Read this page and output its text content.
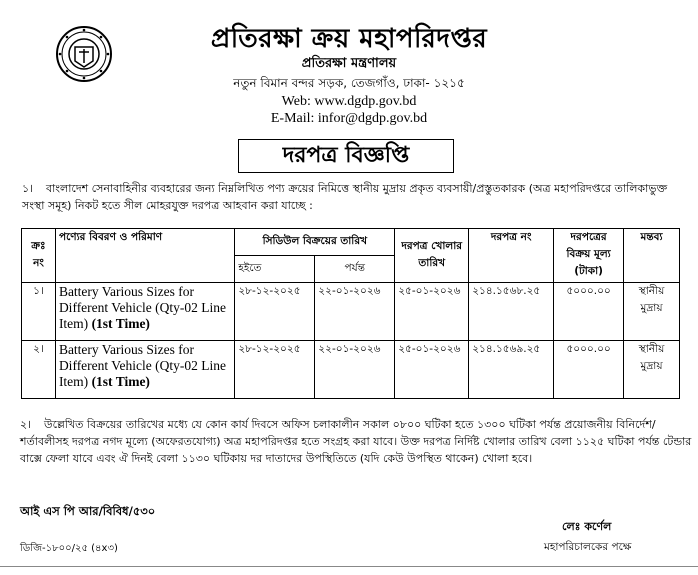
প্রতিরক্ষা ক্রয় মহাপরিদপ্তর
প্রতিরক্ষা মন্ত্রণালয়
নতুন বিমান বন্দর সড়ক, তেজগাঁও, ঢাকা- ১২১৫
Web: www.dgdp.gov.bd
E-Mail: infor@dgdp.gov.bd
দরপত্র বিজ্ঞপ্তি
১। বাংলাদেশ সেনাবাহিনীর ব্যবহারের জন্য নিম্নলিখিত পণ্য ক্রয়ের নিমিত্তে স্থানীয় মুদ্রায় প্রকৃত ব্যবসায়ী/প্রস্তুতকারক (অত্র মহাপরিদপ্তরে তালিকাভুক্ত সংস্থা সমূহ) নিকট হতে সীল মোহরযুক্ত দরপত্র আহবান করা যাচ্ছে :
ক্রঃ নং	পণ্যের বিবরণ ও পরিমাণ	সিডিউল বিক্রয়ের তারিখ		দরপত্র খোলার তারিখ	দরপত্র নং	দরপত্রের বিক্রয় মূল্য (টাকা)	মন্তব্য
		হইতে	পর্যন্ত				
১।	Battery Various Sizes for Different Vehicle (Qty-02 Line Item) (1st Time)	২৮-১২-২০২৫	২২-০১-২০২৬	২৫-০১-২০২৬	২১৪.১৫৬৮.২৫	৫০০০.০০	স্থানীয় মুদ্রায়
২।	Battery Various Sizes for Different Vehicle (Qty-02 Line Item) (1st Time)	২৮-১২-২০২৫	২২-০১-২০২৬	২৫-০১-২০২৬	২১৪.১৫৬৯.২৫	৫০০০.০০	স্থানীয় মুদ্রায়
২। উল্লেখিত বিক্রয়ের তারিখের মধ্যে যে কোন কার্য দিবসে অফিস চলাকালীন সকাল ০৮০০ ঘটিকা হতে ১৩০০ ঘটিকা পর্যন্ত প্রয়োজনীয় বিনির্দেশ/শর্তাবলীসহ দরপত্র নগদ মূল্যে (অফেরতযোগ্য) অত্র মহাপরিদপ্তর হতে সংগ্রহ করা যাবে। উক্ত দরপত্র নির্দিষ্ট খোলার তারিখ বেলা ১১২৫ ঘটিকা পর্যন্ত টেন্ডার বাক্সে ফেলা যাবে এবং ঐ দিনই বেলা ১১৩০ ঘটিকায় দর দাতাদের উপস্থিতিতে (যদি কেউ উপস্থিত থাকেন) খোলা হবে।
আই এস পি আর/বিবিধ/৫৩০
ডিজি-১৮০০/২৫ (৪x৩)
লেঃ কর্ণেল
মহাপরিচালকের পক্ষে
